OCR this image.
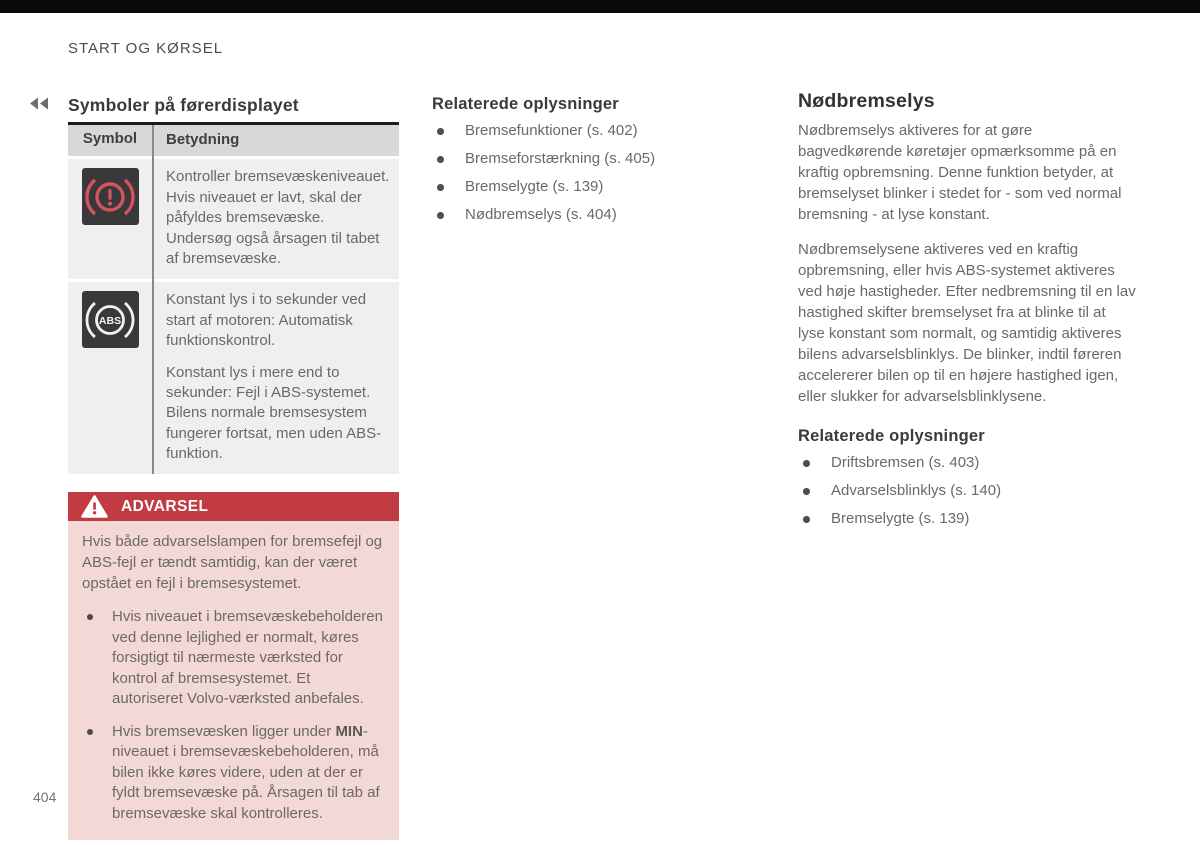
START OG KØRSEL
Symboler på førerdisplayet
Symbol	Betydning

Kontroller bremsevæskeniveauet. Hvis niveauet er lavt, skal der påfyldes bremsevæske. Undersøg også årsagen til tabet af bremsevæske.

ABS

Konstant lys i to sekunder ved start af motoren: Automatisk funktionskontrol.

Konstant lys i mere end to sekunder: Fejl i ABS-systemet. Bilens normale bremsesystem fungerer fortsat, men uden ABS-funktion.

ADVARSEL

Hvis både advarselslampen for bremsefejl og ABS-fejl er tændt samtidig, kan der været opstået en fejl i bremsesystemet.

Hvis niveauet i bremsevæskebeholderen ved denne lejlighed er normalt, køres forsigtigt til nærmeste værksted for kontrol af bremsesystemet. Et autoriseret Volvo-værksted anbefales.
Hvis bremsevæsken ligger under MIN-niveauet i bremsevæskebeholderen, må bilen ikke køres videre, uden at der er fyldt bremsevæske på. Årsagen til tab af bremsevæske skal kontrolleres.
Relaterede oplysninger
Bremsefunktioner (s. 402)
Bremseforstærkning (s. 405)
Bremselygte (s. 139)
Nødbremselys (s. 404)
Nødbremselys

Nødbremselys aktiveres for at gøre bagvedkørende køretøjer opmærksomme på en kraftig opbremsning. Denne funktion betyder, at bremselyset blinker i stedet for - som ved normal bremsning - at lyse konstant.

Nødbremselysene aktiveres ved en kraftig opbremsning, eller hvis ABS-systemet aktiveres ved høje hastigheder. Efter nedbremsning til en lav hastighed skifter bremselyset fra at blinke til at lyse konstant som normalt, og samtidig aktiveres bilens advarselsblinklys. De blinker, indtil føreren accelererer bilen op til en højere hastighed igen, eller slukker for advarselsblinklysene.

Relaterede oplysninger
Driftsbremsen (s. 403)
Advarselsblinklys (s. 140)
Bremselygte (s. 139)
404
